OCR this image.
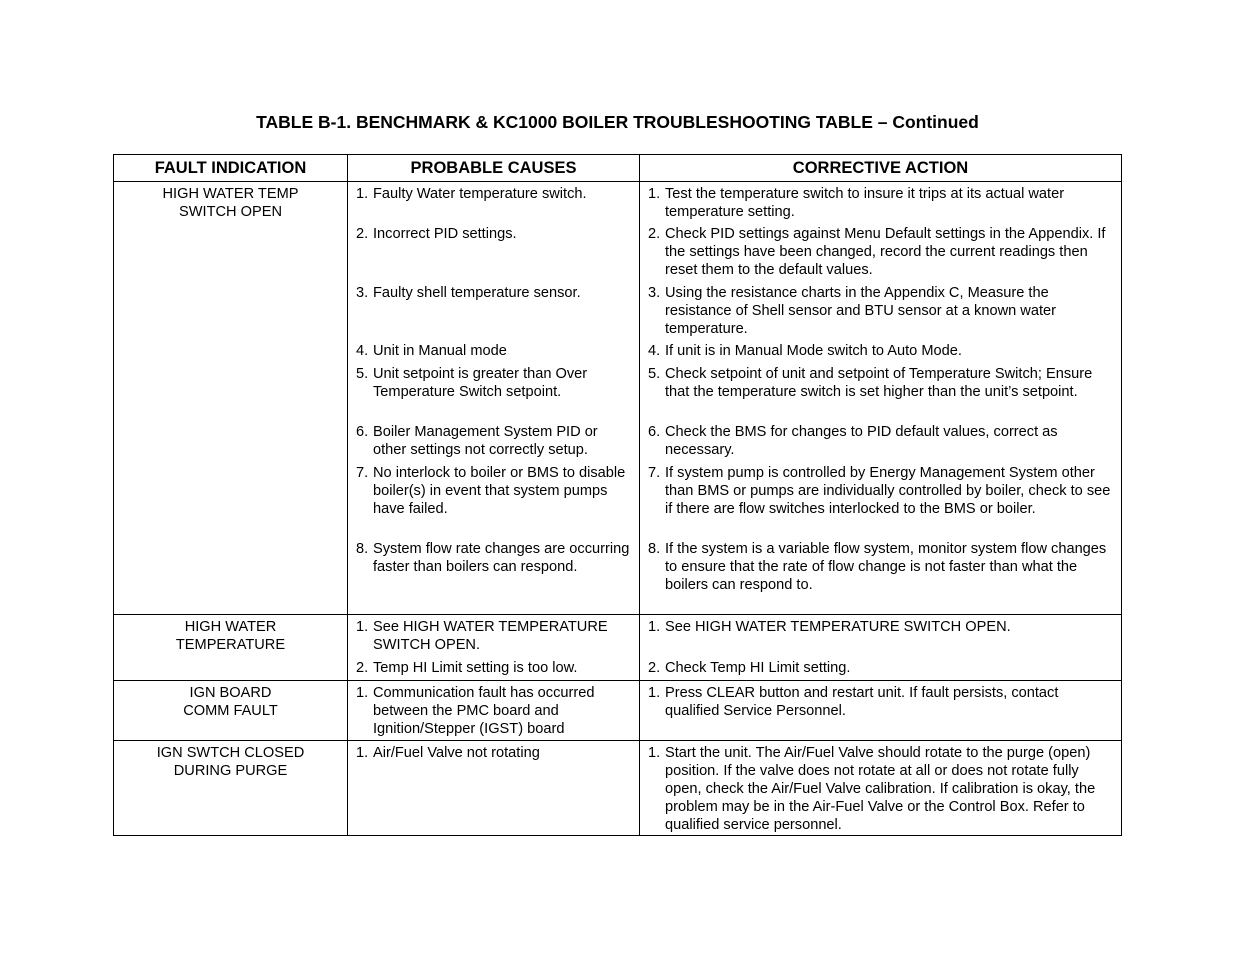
TABLE B-1. BENCHMARK & KC1000 BOILER TROUBLESHOOTING TABLE – Continued
FAULT INDICATION	PROBABLE CAUSES	CORRECTIVE ACTION

HIGH WATER TEMP
SWITCH OPEN	1. Faulty Water temperature switch.	1. Test the temperature switch to insure it trips at its actual water temperature setting.

	2. Incorrect PID settings.	2. Check PID settings against Menu Default settings in the Appendix. If the settings have been changed, record the current readings then reset them to the default values.

	3. Faulty shell temperature sensor.	3. Using the resistance charts in the Appendix C, Measure the resistance of Shell sensor and BTU sensor at a known water temperature.

	4. Unit in Manual mode	4. If unit is in Manual Mode switch to Auto Mode.

	5. Unit setpoint is greater than Over Temperature Switch setpoint.	5. Check setpoint of unit and setpoint of Temperature Switch; Ensure that the temperature switch is set higher than the unit’s setpoint.

	6. Boiler Management System PID or other settings not correctly setup.	6. Check the BMS for changes to PID default values, correct as necessary.

	7. No interlock to boiler or BMS to disable boiler(s) in event that system pumps have failed.	7. If system pump is controlled by Energy Management System other than BMS or pumps are individually controlled by boiler, check to see if there are flow switches interlocked to the BMS or boiler.

	8. System flow rate changes are occurring faster than boilers can respond.	8. If the system is a variable flow system, monitor system flow changes to ensure that the rate of flow change is not faster than what the boilers can respond to.

HIGH WATER
TEMPERATURE	1. See HIGH WATER TEMPERATURE SWITCH OPEN.	1. See HIGH WATER TEMPERATURE SWITCH OPEN.

	2. Temp HI Limit setting is too low.	2. Check Temp HI Limit setting.

IGN BOARD
COMM FAULT	1. Communication fault has occurred between the PMC board and Ignition/Stepper (IGST) board	1. Press CLEAR button and restart unit. If fault persists, contact qualified Service Personnel.

IGN SWTCH CLOSED
DURING PURGE	1. Air/Fuel Valve not rotating	1. Start the unit. The Air/Fuel Valve should rotate to the purge (open) position. If the valve does not rotate at all or does not rotate fully open, check the Air/Fuel Valve calibration. If calibration is okay, the problem may be in the Air-Fuel Valve or the Control Box. Refer to qualified service personnel.
